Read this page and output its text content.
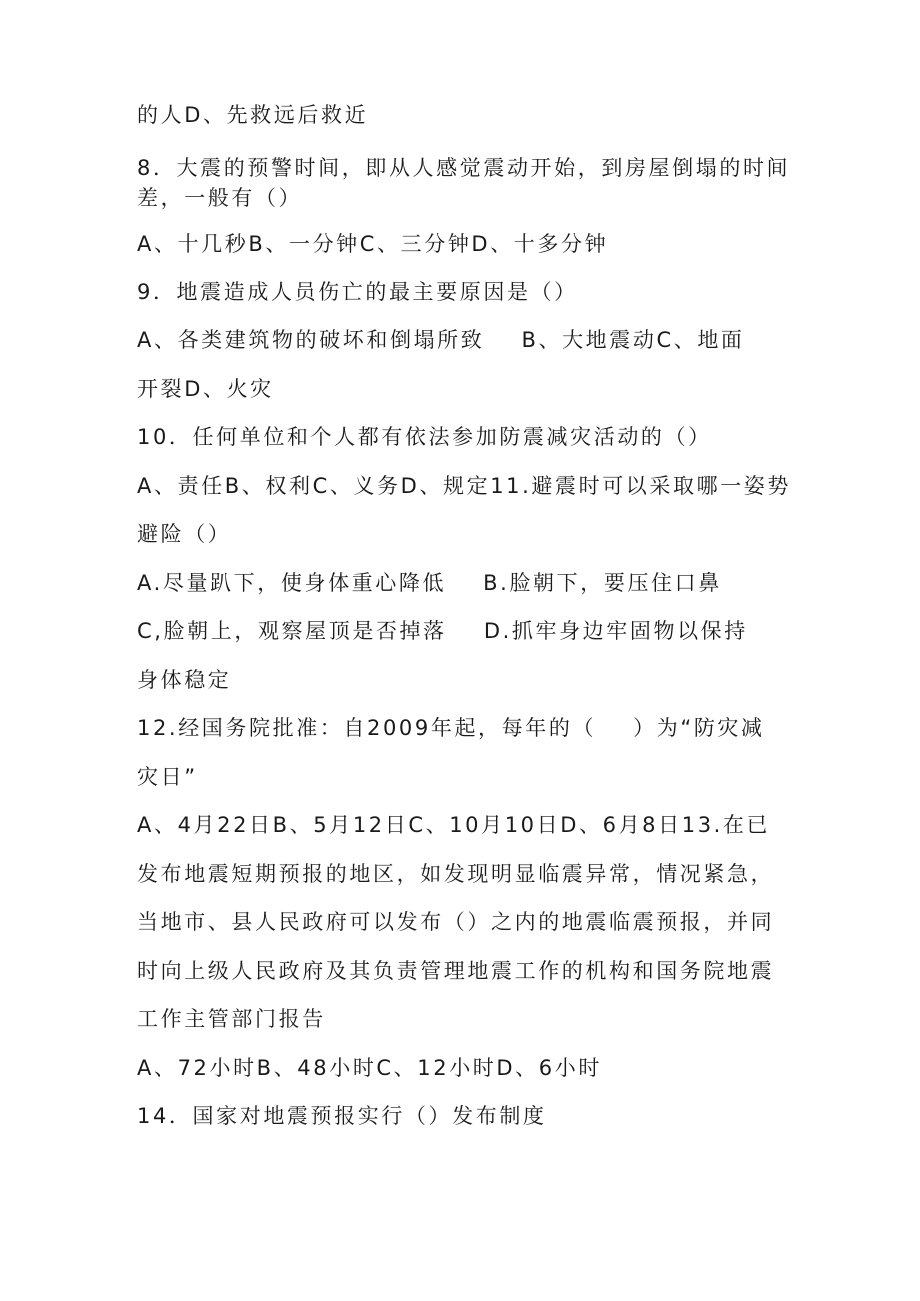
的人D、先救远后救近
8．大震的预警时间，即从人感觉震动开始，到房屋倒塌的时间
差，一般有（）
A、十几秒B、一分钟C、三分钟D、十多分钟
9．地震造成人员伤亡的最主要原因是（）
A、各类建筑物的破坏和倒塌所致    B、大地震动C、地面
开裂D、火灾
10．任何单位和个人都有依法参加防震减灾活动的（）
A、责任B、权利C、义务D、规定11.避震时可以采取哪一姿势
避险（）
A.尽量趴下，使身体重心降低    B.脸朝下，要压住口鼻
C,脸朝上，观察屋顶是否掉落    D.抓牢身边牢固物以保持
身体稳定
12.经国务院批准：自2009年起，每年的（    ）为“防灾减
灾日”
A、4月22日B、5月12日C、10月10日D、6月8日13.在已
发布地震短期预报的地区，如发现明显临震异常，情况紧急，
当地市、县人民政府可以发布（）之内的地震临震预报，并同
时向上级人民政府及其负责管理地震工作的机构和国务院地震
工作主管部门报告
A、72小时B、48小时C、12小时D、6小时
14．国家对地震预报实行（）发布制度
